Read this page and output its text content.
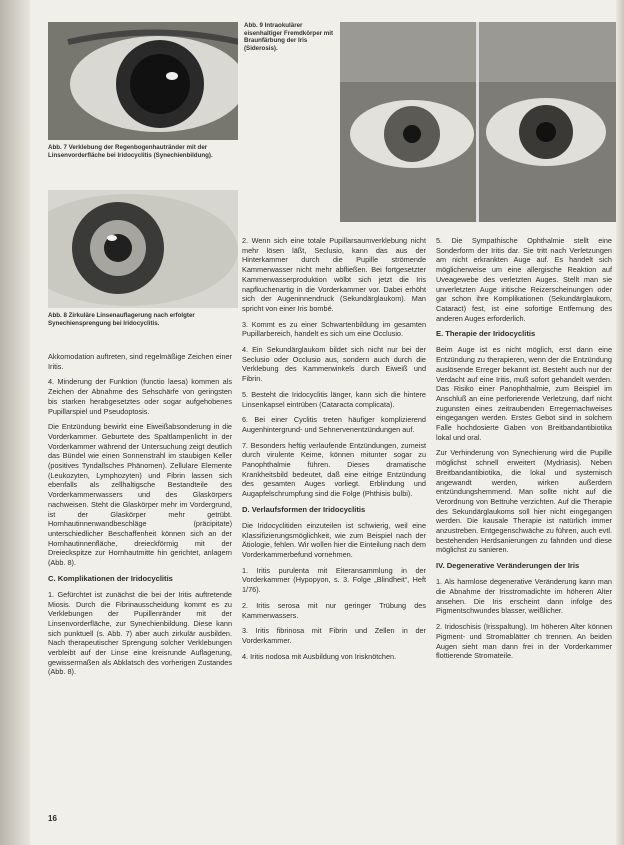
Abb. 7 Verklebung der Regenbogenhautränder mit der Linsenvorderfläche bei Iridocyclitis (Synechienbildung).
Abb. 8 Zirkuläre Linsenauflagerung nach erfolgter Synechiensprengung bei Iridocyclitis.
Abb. 9 Intraokulärer eisenhaltiger Fremdkörper mit Braunfärbung der Iris (Siderosis).

Akkomodation auftreten, sind regelmäßige Zeichen einer Iritis.

4. Minderung der Funktion (functio laesa) kommen als Zeichen der Abnahme des Sehschärfe von geringsten bis starken herabgesetztes oder sogar aufgehobenes Pupillarspiel und Pseudoptosis.

Die Entzündung bewirkt eine Eiweißabsonderung in die Vorderkammer. Geburtete des Spaltlampenlicht in der Vorderkammer während der Untersuchung zeigt deutlich das Bündel wie einen Sonnenstrahl im staubigen Keller (positives Tyndallsches Phänomen). Zellulare Elemente (Leukozyten, Lymphozyten) und Fibrin lassen sich ebenfalls als zellhaltigsche Bestandteile des Vorderkammerwassers und des Glaskörpers nachweisen. Steht die Glaskörper mehr im Vordergrund, ist der Glaskörper mehr getrübt. Hornhautinnenwandbeschläge (präcipitate) unterschiedlicher Beschaffenheit können sich an der Hornhautinnenfläche, dreieckförmig mit der Dreieckspitze zur Hornhautmitte hin gerichtet, anlagern (Abb. 8).

C. Komplikationen der Iridocyclitis

1. Gefürchtet ist zunächst die bei der Iritis auftretende Miosis. Durch die Fibrinausscheidung kommt es zu Verklebungen der Pupillenränder mit der Linsenvorderfläche, zur Synechienbildung. Diese kann sich punktuell (s. Abb. 7) aber auch zirkulär ausbilden. Nach therapeutischer Sprengung solcher Verklebungen verbleibt auf der Linse eine kreisrunde Auflagerung, gewissermaßen als Abklatsch des vorherigen Zustandes (Abb. 8).

2. Wenn sich eine totale Pupillarsaumverklebung nicht mehr lösen läßt, Seclusio, kann das aus der Hinterkammer durch die Pupille strömende Kammerwasser nicht mehr abfließen. Bei fortgesetzter Kammerwasserproduktion wölbt sich jetzt die Iris napfkuchenartig in die Vorderkammer vor. Dabei erhöht sich der Augeninnendruck (Sekundärglaukom). Man spricht von einer Iris bombé.

3. Kommt es zu einer Schwartenbildung im gesamten Pupillarbereich, handelt es sich um eine Occlusio.

4. Ein Sekundärglaukom bildet sich nicht nur bei der Seclusio oder Occlusio aus, sondern auch durch die Verklebung des Kammerwinkels durch Eiweiß und Fibrin.

5. Besteht die Iridocyclitis länger, kann sich die hintere Linsenkapsel eintrüben (Cataracta complicata).

6. Bei einer Cyclitis treten häufiger komplizierend Augenhintergrund- und Sehnervenentzündungen auf.

7. Besonders heftig verlaufende Entzündungen, zumeist durch virulente Keime, können mitunter sogar zu Panophthalmie führen. Dieses dramatische Krankheitsbild bedeutet, daß eine eitrige Entzündung des gesamten Auges vorliegt. Erblindung und Augapfelschrumpfung sind die Folge (Phthisis bulbi).

D. Verlaufsformen der Iridocyclitis

Die Iridocyclitiden einzuteilen ist schwierig, weil eine Klassifizierungsmöglichkeit, wie zum Beispiel nach der Ätiologie, fehlen. Wir wollen hier die Einteilung nach dem Vorderkammerbefund vornehmen.

1. Iritis purulenta mit Eiteransammlung in der Vorderkammer (Hypopyon, s. 3. Folge „Blindheit“, Heft 1/76).

2. Iritis serosa mit nur geringer Trübung des Kammerwassers.

3. Iritis fibrinosa mit Fibrin und Zellen in der Vorderkammer.

4. Iritis nodosa mit Ausbildung von Irisknötchen.

5. Die Sympathische Ophthalmie stellt eine Sonderform der Iritis dar. Sie tritt nach Verletzungen am nicht erkrankten Auge auf. Es handelt sich möglicherweise um eine allergische Reaktion auf Uveagewebe des verletzten Auges. Stellt man sie unverletzten Auge iritische Reizerscheinungen oder gar schon ihre Komplikationen (Sekundärglaukom, Cataract) fest, ist eine sofortige Entfernung des anderen Auges erforderlich.

E. Therapie der Iridocyclitis

Beim Auge ist es nicht möglich, erst dann eine Entzündung zu therapieren, wenn der die Entzündung auslösende Erreger bekannt ist. Besteht auch nur der Verdacht auf eine Iritis, muß sofort gehandelt werden. Das Risiko einer Panophthalmie, zum Beispiel im Anschluß an eine perforierende Verletzung, darf nicht zugunsten eines zeitraubenden Erregernachweises eingegangen werden. Erstes Gebot sind in solchem Falle hochdosierte Gaben von Breitbandantibiotika lokal und oral.

Zur Verhinderung von Synechierung wird die Pupille möglichst schnell erweitert (Mydriasis). Neben Breitbandantibiotika, die lokal und systemisch angewandt werden, wirken außerdem entzündungshemmend. Man sollte nicht auf die Verordnung von Bettruhe verzichten. Auf die Therapie des Sekundärglaukoms soll hier nicht eingegangen werden. Die kausale Therapie ist natürlich immer anzustreben. Entgegenschwäche zu führen, auch evtl. bestehenden Herdsanierungen zu fahnden und diese möglichst zu sanieren.

IV. Degenerative Veränderungen der Iris

1. Als harmlose degenerative Veränderung kann man die Abnahme der Irisstromadichte im höheren Alter ansehen. Die Iris erscheint dann infolge des Pigmentschwundes blasser, weißlicher.

2. Iridoschisis (Irisspaltung). Im höheren Alter können Pigment- und Stromablätter ch trennen. An beiden Augen sieht man dann frei in der Vorderkammer flottierende Stromateile.

16
